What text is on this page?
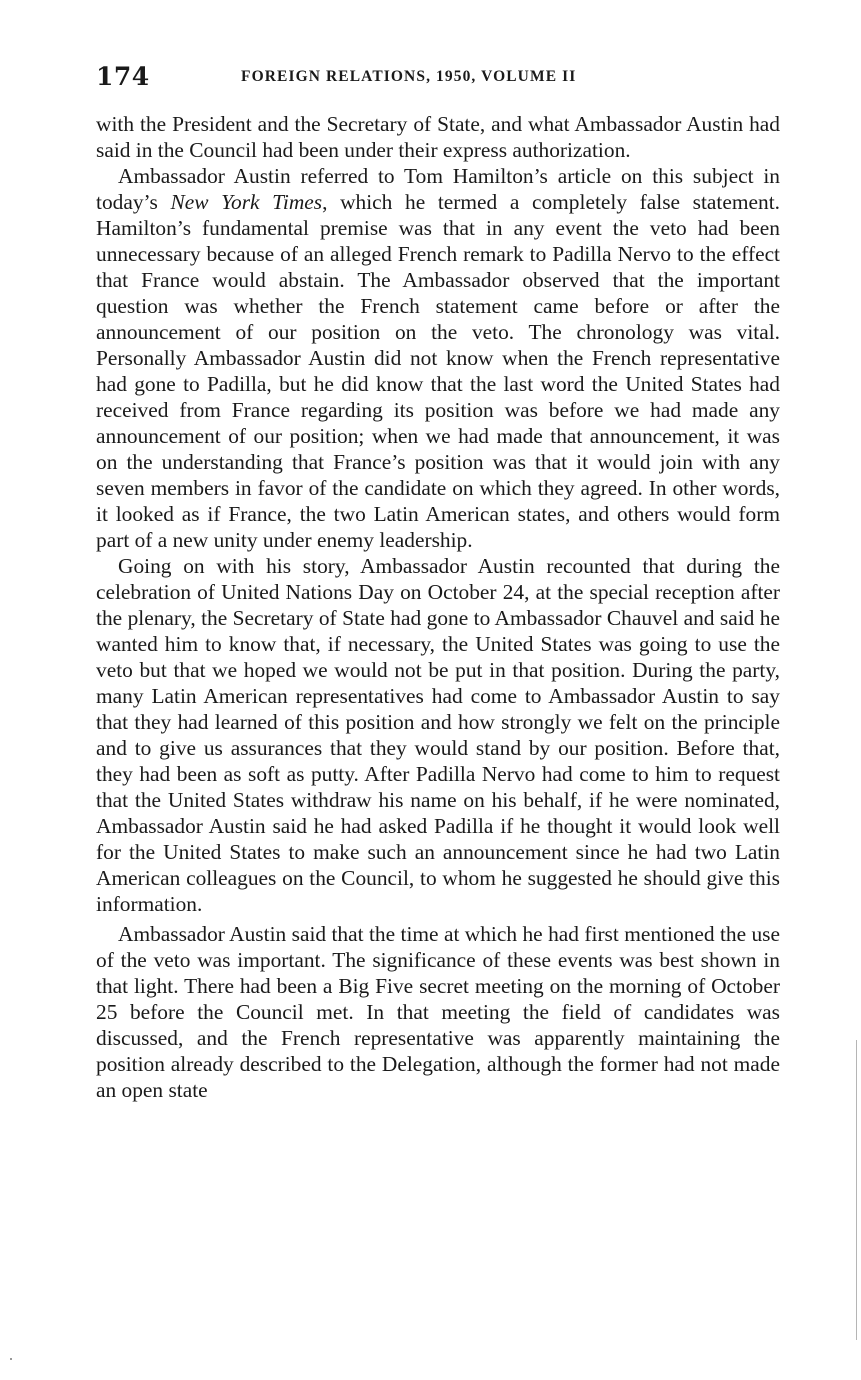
174	FOREIGN RELATIONS, 1950, VOLUME II

with the President and the Secretary of State, and what Ambassador Austin had said in the Council had been under their express authorization.

Ambassador Austin referred to Tom Hamilton’s article on this subject in today’s New York Times, which he termed a completely false statement. Hamilton’s fundamental premise was that in any event the veto had been unnecessary because of an alleged French remark to Padilla Nervo to the effect that France would abstain. The Ambassador observed that the important question was whether the French statement came before or after the announcement of our position on the veto. The chronology was vital. Personally Ambassador Austin did not know when the French representative had gone to Padilla, but he did know that the last word the United States had received from France regarding its position was before we had made any announcement of our position; when we had made that announcement, it was on the understanding that France’s position was that it would join with any seven members in favor of the candidate on which they agreed. In other words, it looked as if France, the two Latin American states, and others would form part of a new unity under enemy leadership.

Going on with his story, Ambassador Austin recounted that during the celebration of United Nations Day on October 24, at the special reception after the plenary, the Secretary of State had gone to Ambassador Chauvel and said he wanted him to know that, if necessary, the United States was going to use the veto but that we hoped we would not be put in that position. During the party, many Latin American representatives had come to Ambassador Austin to say that they had learned of this position and how strongly we felt on the principle and to give us assurances that they would stand by our position. Before that, they had been as soft as putty. After Padilla Nervo had come to him to request that the United States withdraw his name on his behalf, if he were nominated, Ambassador Austin said he had asked Padilla if he thought it would look well for the United States to make such an announcement since he had two Latin American colleagues on the Council, to whom he suggested he should give this information.

Ambassador Austin said that the time at which he had first mentioned the use of the veto was important. The significance of these events was best shown in that light. There had been a Big Five secret meeting on the morning of October 25 before the Council met. In that meeting the field of candidates was discussed, and the French representative was apparently maintaining the position already described to the Delegation, although the former had not made an open state
